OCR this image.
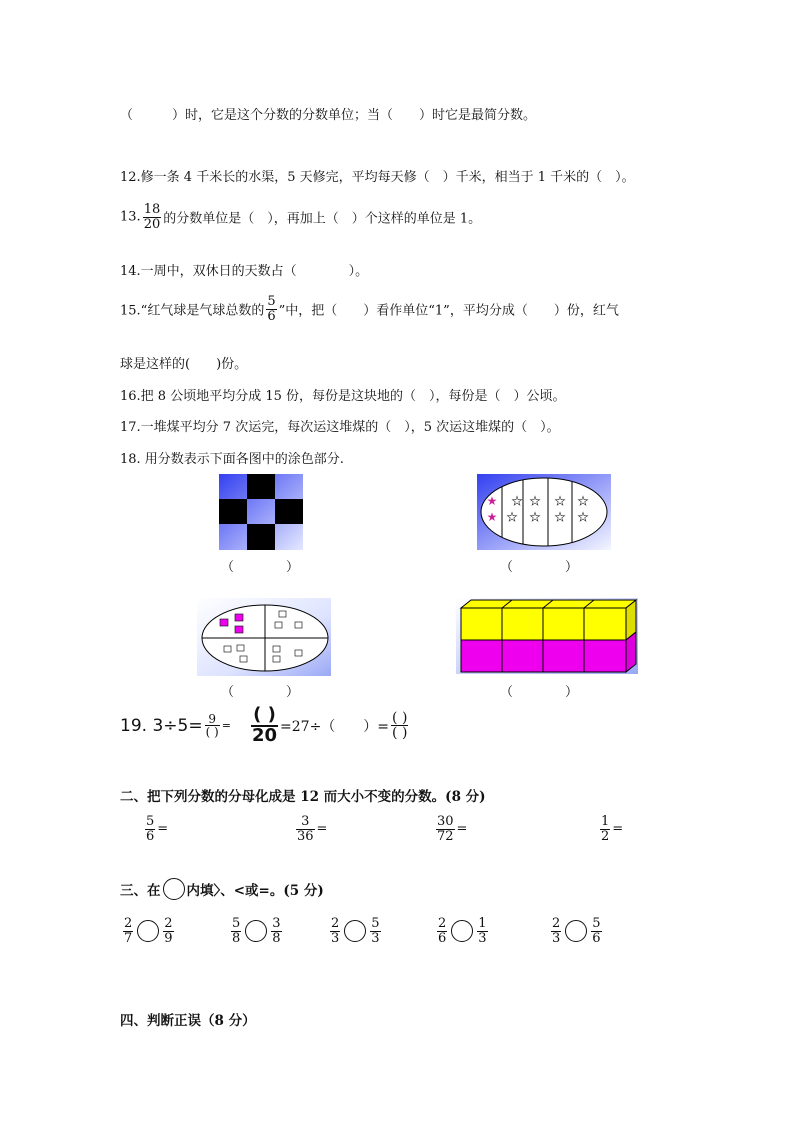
（　　　）时，它是这个分数的分数单位；当（　　）时它是最简分数。
12.修一条 4 千米长的水渠，5 天修完，平均每天修（　）千米，相当于 1 千米的（　）。
13. $\frac{18}{20}$ 的分数单位是（　），再加上（　）个这样的单位是 1。
14.一周中，双休日的天数占（　　　　）。
15.“红气球是气球总数的 $\frac{5}{6}$ ”中，把（　　）看作单位“1”，平均分成（　　）份，红气
球是这样的(　　)份。
16.把 8 公顷地平均分成 15 份，每份是这块地的（　），每份是（　）公顷。
17.一堆煤平均分 7 次运完，每次运这堆煤的（　），5 次运这堆煤的（　）。
18. 用分数表示下面各图中的涂色部分.
（　　　　）
★
★
★
★
★
★
★
★
★
★
（　　　　）
（　　　　）	（　　　　）
19. $3\div 5= \frac{9}{( )} = \frac{( )}{20} =27\div$（　　）= $\frac{( )}{( )}$
二、把下列分数的分母化成是 12 而大小不变的分数。(8 分)
$\frac{5}{6}$ =	$\frac{3}{36}$ =	$\frac{30}{72}$ =	$\frac{1}{2}$ =
三、在 内填〉、<或=。(5 分)
$\frac{2}{7} \frac{2}{9}$	$\frac{5}{8} \frac{3}{8}$	$\frac{2}{3} \frac{5}{3}$	$\frac{2}{6} \frac{1}{3}$	$\frac{2}{3} \frac{5}{6}$
四、判断正误（8 分）
